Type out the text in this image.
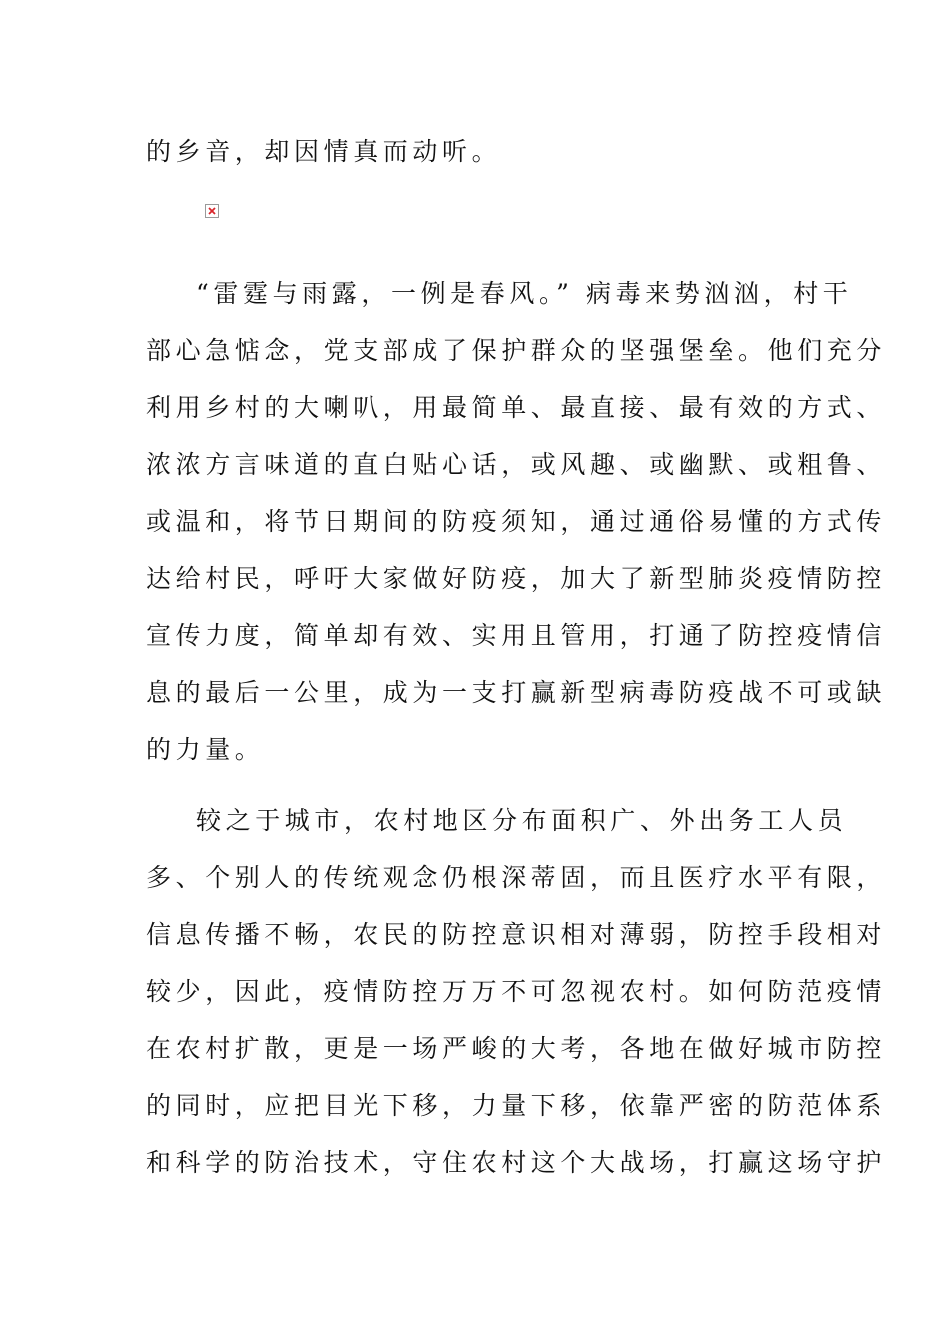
的乡音，却因情真而动听。
“雷霆与雨露，一例是春风。” 病毒来势汹汹，村干
部心急惦念，党支部成了保护群众的坚强堡垒。他们充分
利用乡村的大喇叭，用最简单、最直接、最有效的方式、
浓浓方言味道的直白贴心话，或风趣、或幽默、或粗鲁、
或温和，将节日期间的防疫须知，通过通俗易懂的方式传
达给村民，呼吁大家做好防疫，加大了新型肺炎疫情防控
宣传力度，简单却有效、实用且管用，打通了防控疫情信
息的最后一公里，成为一支打赢新型病毒防疫战不可或缺
的力量。
较之于城市，农村地区分布面积广、外出务工人员
多、个别人的传统观念仍根深蒂固，而且医疗水平有限，
信息传播不畅，农民的防控意识相对薄弱，防控手段相对
较少，因此，疫情防控万万不可忽视农村。如何防范疫情
在农村扩散，更是一场严峻的大考，各地在做好城市防控
的同时，应把目光下移，力量下移，依靠严密的防范体系
和科学的防治技术，守住农村这个大战场，打赢这场守护
